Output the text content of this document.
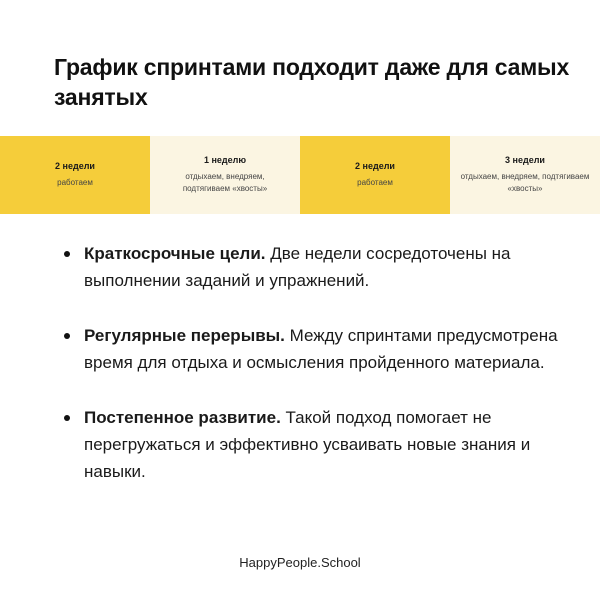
График спринтами подходит даже для самых занятых
2 недели
работаем
1 неделю
отдыхаем, внедряем, подтягиваем «хвосты»
2 недели
работаем
3 недели
отдыхаем, внедряем, подтягиваем «хвосты»
Краткосрочные цели. Две недели сосредоточены на выполнении заданий и упражнений.
Регулярные перерывы. Между спринтами предусмотрена время для отдыха и осмысления пройденного материала.
Постепенное развитие. Такой подход помогает не перегружаться и эффективно усваивать новые знания и навыки.
HappyPeople.School
